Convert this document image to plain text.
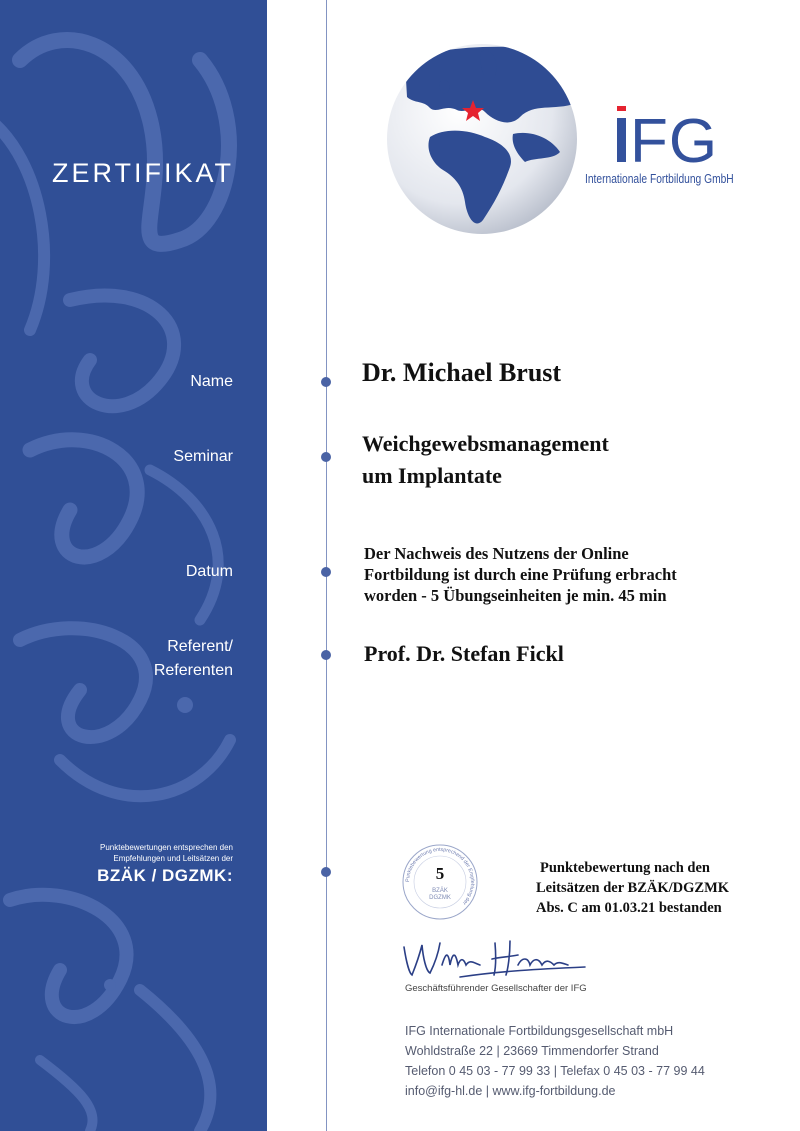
ZERTIFIKAT
Name
Seminar
Datum
Referent/
Referenten
Punktebewertungen entsprechen den
Empfehlungen und Leitsätzen der
BZÄK / DGZMK:
FG
Internationale Fortbildung GmbH
Dr. Michael Brust
Weichgewebsmanagement
um Implantate
Der Nachweis des Nutzens der Online
Fortbildung ist durch eine Prüfung erbracht
worden - 5 Übungseinheiten je min. 45 min
Prof. Dr. Stefan Fickl
Punktebewertung entsprechend der Empfehlung der
5
BZÄK
DGZMK
Punktebewertung nach den
Leitsätzen der BZÄK/DGZMK
Abs. C am 01.03.21 bestanden
Geschäftsführender Gesellschafter der IFG
IFG Internationale Fortbildungsgesellschaft mbH
Wohldstraße 22 | 23669 Timmendorfer Strand
Telefon 0 45 03 - 77 99 33 | Telefax 0 45 03 - 77 99 44
info@ifg-hl.de | www.ifg-fortbildung.de
